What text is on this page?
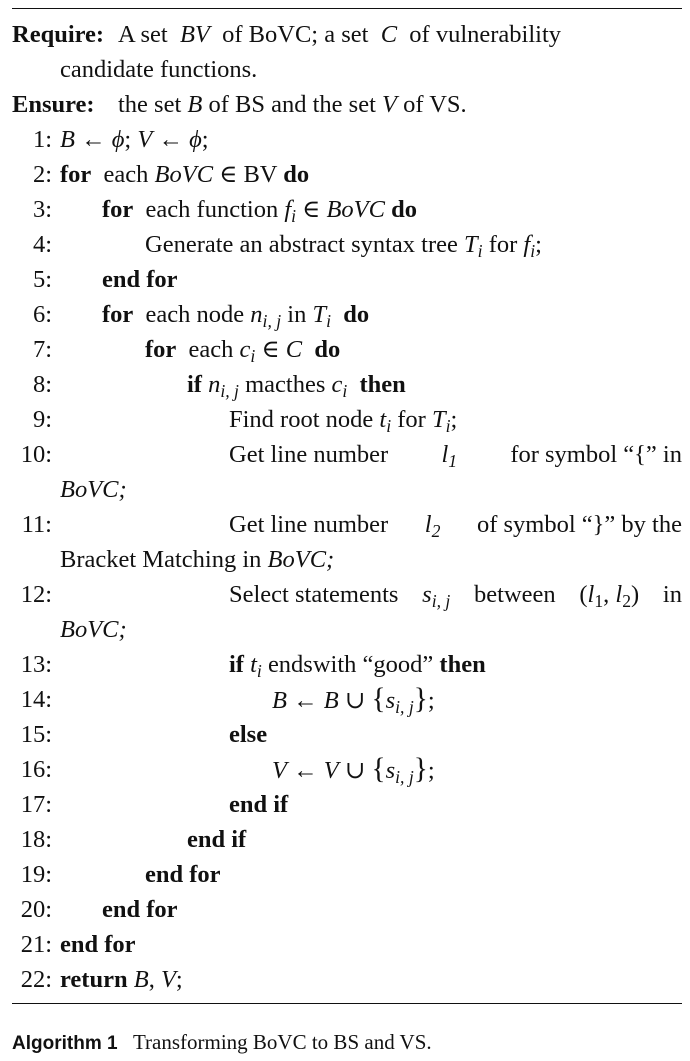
Require: A set BV of BoVC; a set C of vulnerability
candidate functions.
Ensure: the set B of BS and the set V of VS.
1: B ← ϕ; V ← ϕ;
2: for each BoVC ∈ BV do
3: for each function $f_i$ ∈ BoVC do
4:	Generate an abstract syntax tree $T_i$ for $f_i$;
5: end for
6: for each node $n_{i, j}$ in $T_i$ do
7:	for each $c_i$ ∈ C do
8:	if $n_{i, j}$ macthes $c_i$ then
9:	Find root node $t_i$ for $T_i$;
10:	Get line number $l_1$ for symbol “{” in
BoVC;
11:	Get line number $l_2$ of symbol “}” by the
Bracket Matching in BoVC;
12:	Select statements $s_{i, j}$ between ($l_1$, $l_2$) in
BoVC;
13:	if $t_i$ endswith “good” then
14:	B ← B ∪ $\{s_{i, j}\}$;
15:	else
16:	V ← V ∪ $\{s_{i, j}\}$;
17:	end if
18:	end if
19:	end for
20: end for
21: end for
22: return B, V;
Algorithm 1 Transforming BoVC to BS and VS.
